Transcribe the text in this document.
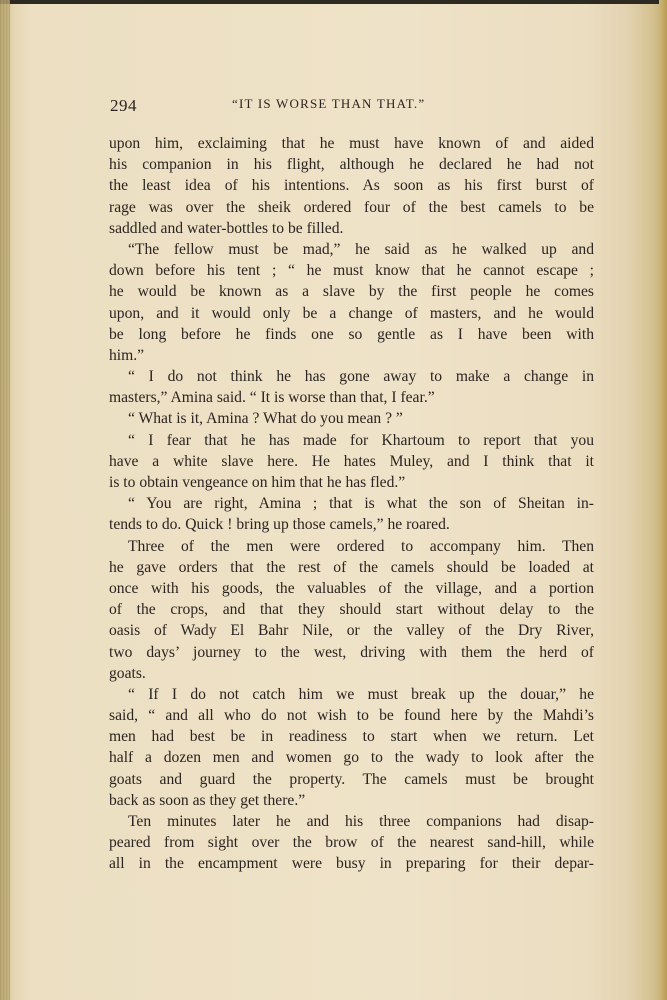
294	“IT IS WORSE THAN THAT.”
upon him, exclaiming that he must have known of and aided
his companion in his flight, although he declared he had not
the least idea of his intentions. As soon as his first burst of
rage was over the sheik ordered four of the best camels to be
saddled and water-bottles to be filled.
“The fellow must be mad,” he said as he walked up and
down before his tent ; “ he must know that he cannot escape ;
he would be known as a slave by the first people he comes
upon, and it would only be a change of masters, and he would
be long before he finds one so gentle as I have been with
him.”
“ I do not think he has gone away to make a change in
masters,” Amina said. “ It is worse than that, I fear.”
“ What is it, Amina ? What do you mean ? ”
“ I fear that he has made for Khartoum to report that you
have a white slave here. He hates Muley, and I think that it
is to obtain vengeance on him that he has fled.”
“ You are right, Amina ; that is what the son of Sheitan in-
tends to do. Quick ! bring up those camels,” he roared.
Three of the men were ordered to accompany him. Then
he gave orders that the rest of the camels should be loaded at
once with his goods, the valuables of the village, and a portion
of the crops, and that they should start without delay to the
oasis of Wady El Bahr Nile, or the valley of the Dry River,
two days’ journey to the west, driving with them the herd of
goats.
“ If I do not catch him we must break up the douar,” he
said, “ and all who do not wish to be found here by the Mahdi’s
men had best be in readiness to start when we return. Let
half a dozen men and women go to the wady to look after the
goats and guard the property. The camels must be brought
back as soon as they get there.”
Ten minutes later he and his three companions had disap-
peared from sight over the brow of the nearest sand-hill, while
all in the encampment were busy in preparing for their depar-
